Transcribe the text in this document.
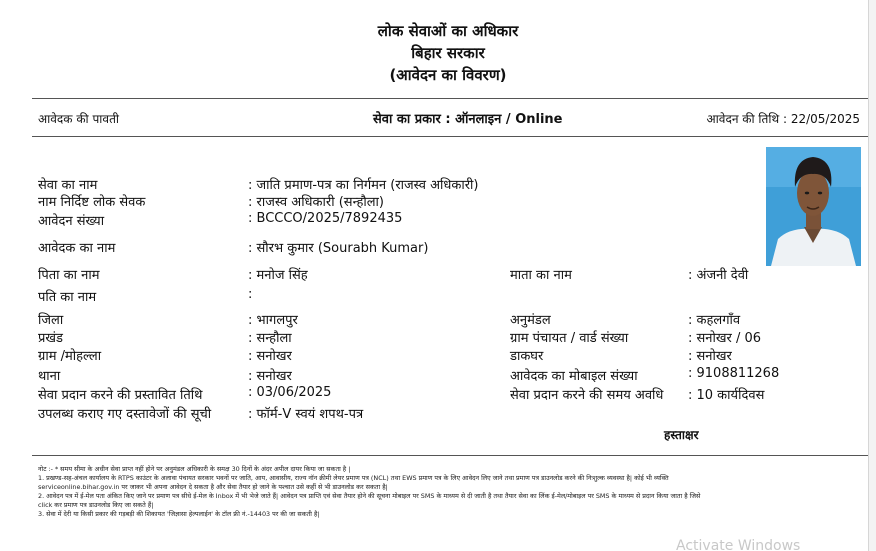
लोक सेवाओं का अधिकार
बिहार सरकार
(आवेदन का विवरण)
आवेदक की पावती	सेवा का प्रकार : ऑनलाइन / Online	आवेदन की तिथि : 22/05/2025
सेवा का नाम	: जाति प्रमाण-पत्र का निर्गमन (राजस्व अधिकारी)
नाम निर्दिष्ट लोक सेवक	: राजस्व अधिकारी (सन्हौला)
आवेदन संख्या	: BCCCO/2025/7892435
आवेदक का नाम	: सौरभ कुमार (Sourabh Kumar)
पिता का नाम	: मनोज सिंह	माता का नाम	: अंजनी देवी
पति का नाम	:
जिला	: भागलपुर	अनुमंडल	: कहलगाँव
प्रखंड	: सन्हौला	ग्राम पंचायत / वार्ड संख्या	: सनोखर / 06
ग्राम /मोहल्ला	: सनोखर	डाकघर	: सनोखर
थाना	: सनोखर	आवेदक का मोबाइल संख्या	: 9108811268
सेवा प्रदान करने की प्रस्तावित तिथि	: 03/06/2025	सेवा प्रदान करने की समय अवधि : 10 कार्यदिवस
उपलब्ध कराए गए दस्तावेजों की सूची	: फॉर्म-V स्वयं शपथ-पत्र
हस्ताक्षर
नोट :- * समय सीमा के अधीन सेवा प्राप्त नहीं होने पर अनुमंडल अधिकारी के समक्ष 30 दिनों के अंदर अपील दायर किया जा सकता है |
1. प्रखण्ड-सह-अंचल कार्यालय के RTPS काउंटर के अलावा पंचायत सरकार भवनों पर जाति, आय, आवासीय, राज्य नॉन क्रीमी लेयर प्रमाण पत्र (NCL) तथा EWS प्रमाण पत्र के लिए आवेदन लिए जाने तथा प्रमाण पत्र डाउनलोड करने की निःशुल्क व्यवस्था है| कोई भी व्यक्ति
serviceonline.bihar.gov.in पर जाकर भी अपना आवेदन दे सकता है और सेवा तैयार हो जाने के पश्चात उसे कहीं से भी डाउनलोड कर सकता है|
2. आवेदन पत्र में ई-मेल पता अंकित किए जाने पर प्रमाण पत्र सीधे ई-मेल के Inbox में भी भेजे जाते हैं| आवेदन पत्र प्राप्ति एवं सेवा तैयार होने की सूचना मोबाइल पर SMS के माध्यम से दी जाती है तथा तैयार सेवा का लिंक ई-मेल/मोबाइल पर SMS के माध्यम से प्रदान किया जाता है जिसे
click कर प्रमाण पत्र डाउनलोड किए जा सकते हैं|
3. सेवा में देरी या किसी प्रकार की गड़बड़ी की शिकायत 'जिज्ञासा हेल्पलाईन' के टॉल फ्री नं.-14403 पर की जा सकती है|
Activate Windows
